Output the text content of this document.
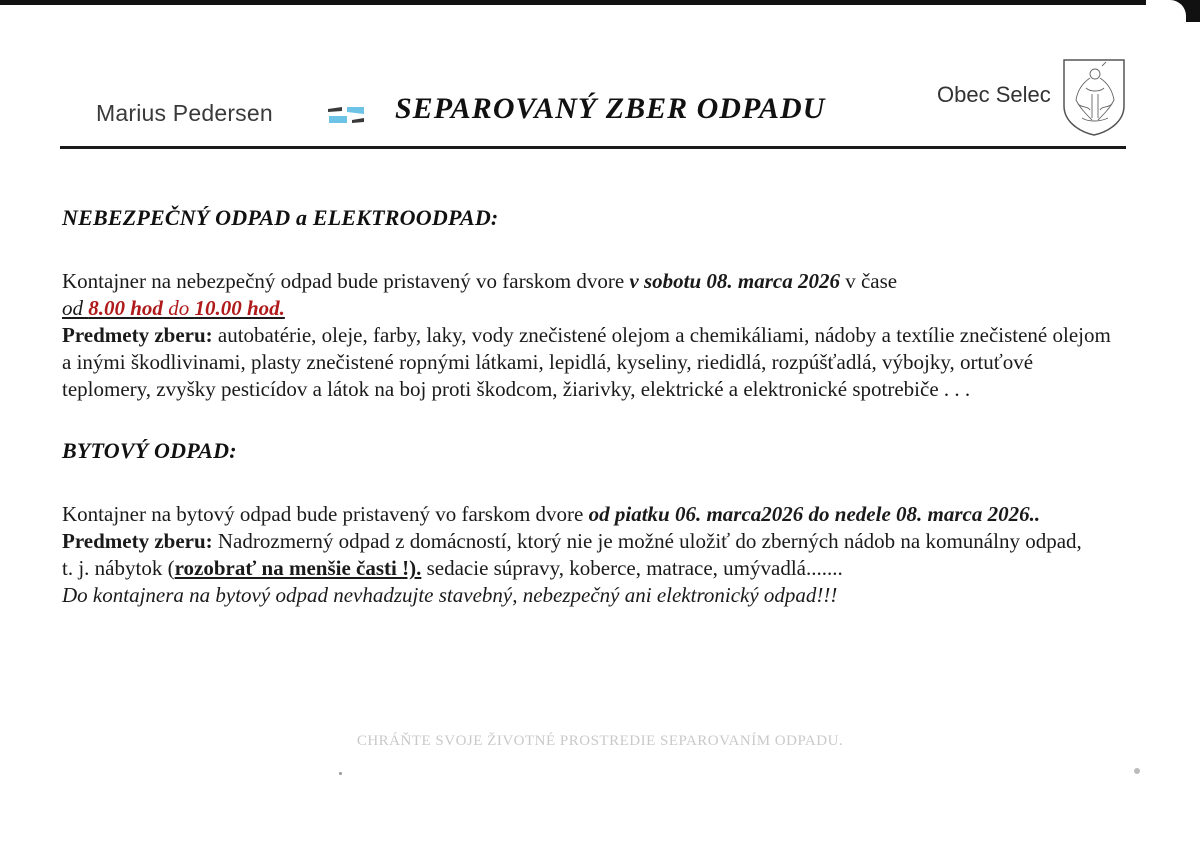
Marius Pedersen	SEPAROVANÝ ZBER ODPADU	Obec Selec
NEBEZPEČNÝ ODPAD a ELEKTROODPAD:

Kontajner na nebezpečný odpad bude pristavený vo farskom dvore v sobotu 08. marca 2026 v čase

od 8.00 hod do 10.00 hod.

Predmety zberu: autobatérie, oleje, farby, laky, vody znečistené olejom a chemikáliami, nádoby a textílie znečistené olejom a inými škodlivinami, plasty znečistené ropnými látkami, lepidlá, kyseliny, riedidlá, rozpúšťadlá, výbojky, ortuťové teplomery, zvyšky pesticídov a látok na boj proti škodcom, žiarivky, elektrické a elektronické spotrebiče . . .

BYTOVÝ ODPAD:

Kontajner na bytový odpad bude pristavený vo farskom dvore od piatku 06. marca2026 do nedele 08. marca 2026..

Predmety zberu: Nadrozmerný odpad z domácností, ktorý nie je možné uložiť do zberných nádob na komunálny odpad, t. j. nábytok (rozobrať na menšie časti !). sedacie súpravy, koberce, matrace, umývadlá.......

Do kontajnera na bytový odpad nevhadzujte stavebný, nebezpečný ani elektronický odpad!!!

CHRÁŇTE SVOJE ŽIVOTNÉ PROSTREDIE SEPAROVANÍM ODPADU.
